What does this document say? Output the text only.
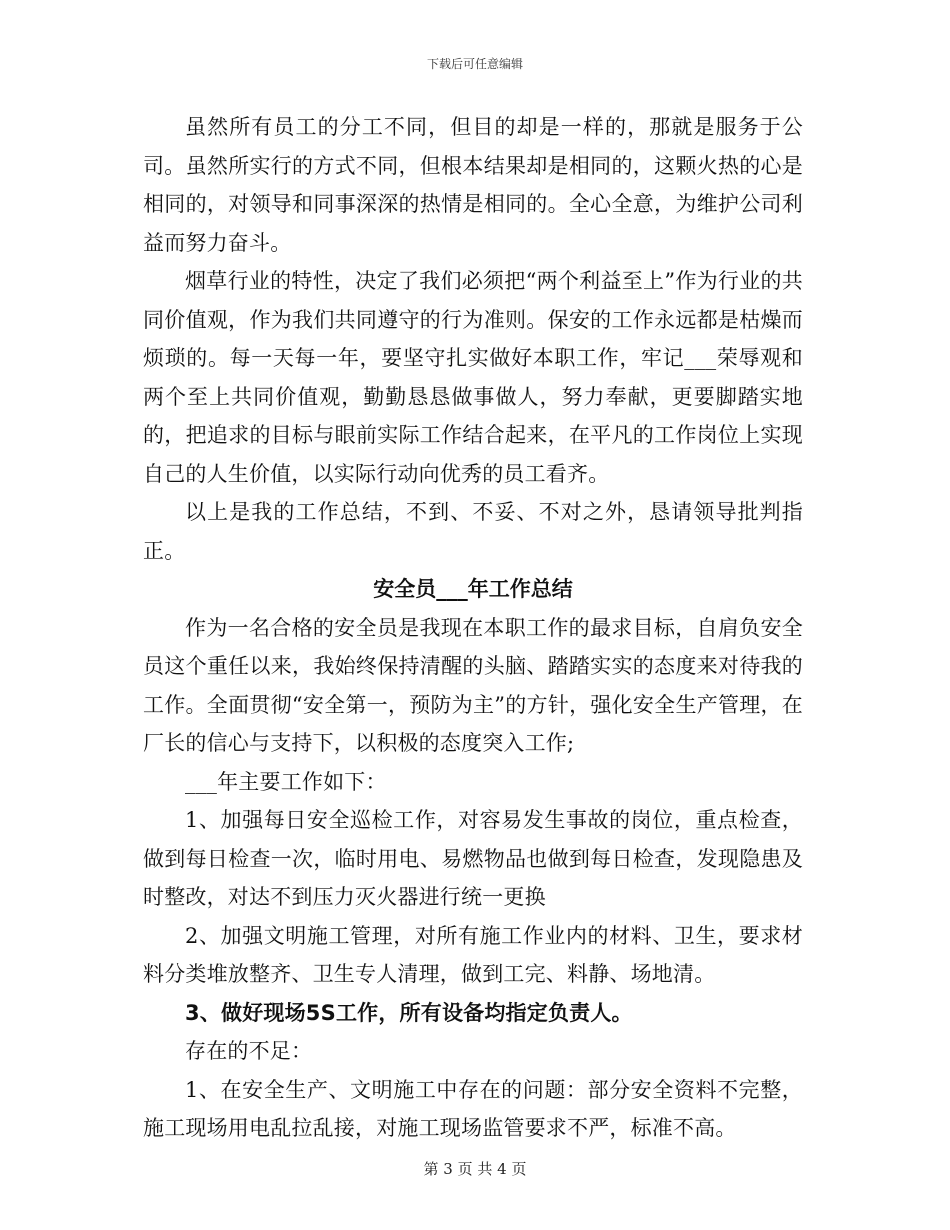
下载后可任意编辑

虽然所有员工的分工不同，但目的却是一样的，那就是服务于公司。虽然所实行的方式不同，但根本结果却是相同的，这颗火热的心是相同的，对领导和同事深深的热情是相同的。全心全意，为维护公司利益而努力奋斗。

烟草行业的特性，决定了我们必须把“两个利益至上”作为行业的共同价值观，作为我们共同遵守的行为准则。保安的工作永远都是枯燥而烦琐的。每一天每一年，要坚守扎实做好本职工作，牢记___荣辱观和两个至上共同价值观，勤勤恳恳做事做人，努力奉献，更要脚踏实地的，把追求的目标与眼前实际工作结合起来，在平凡的工作岗位上实现自己的人生价值，以实际行动向优秀的员工看齐。

以上是我的工作总结，不到、不妥、不对之外，恳请领导批判指正。

安全员___年工作总结

作为一名合格的安全员是我现在本职工作的最求目标，自肩负安全员这个重任以来，我始终保持清醒的头脑、踏踏实实的态度来对待我的工作。全面贯彻“安全第一，预防为主”的方针，强化安全生产管理，在厂长的信心与支持下，以积极的态度突入工作;

___年主要工作如下：

1、加强每日安全巡检工作，对容易发生事故的岗位，重点检查，做到每日检查一次，临时用电、易燃物品也做到每日检查，发现隐患及时整改，对达不到压力灭火器进行统一更换

2、加强文明施工管理，对所有施工作业内的材料、卫生，要求材料分类堆放整齐、卫生专人清理，做到工完、料静、场地清。

3、做好现场5S工作，所有设备均指定负责人。

存在的不足：

1、在安全生产、文明施工中存在的问题：部分安全资料不完整，施工现场用电乱拉乱接，对施工现场监管要求不严，标准不高。

第 3 页 共 4 页
